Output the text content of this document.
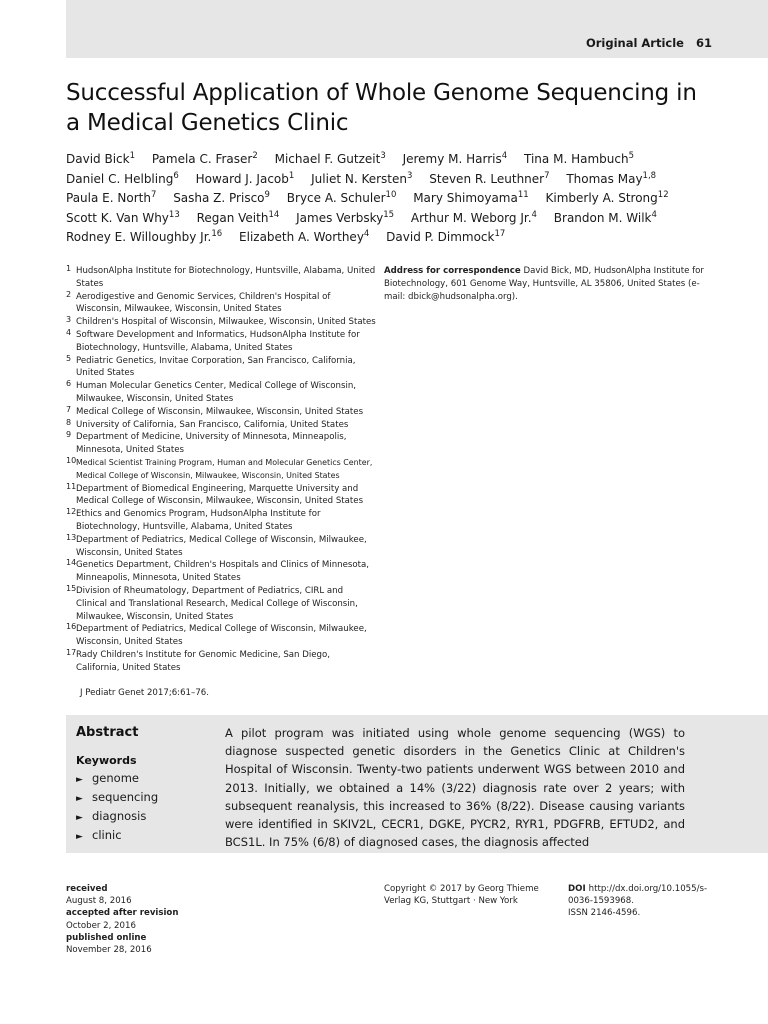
Original Article 61
Successful Application of Whole Genome Sequencing in a Medical Genetics Clinic
David Bick$^1$ Pamela C. Fraser$^2$ Michael F. Gutzeit$^3$ Jeremy M. Harris$^4$ Tina M. Hambuch$^5$
Daniel C. Helbling$^6$ Howard J. Jacob$^1$ Juliet N. Kersten$^3$ Steven R. Leuthner$^7$ Thomas May$^{1,8}$
Paula E. North$^7$ Sasha Z. Prisco$^9$ Bryce A. Schuler$^{10}$ Mary Shimoyama$^{11}$ Kimberly A. Strong$^{12}$
Scott K. Van Why$^{13}$ Regan Veith$^{14}$ James Verbsky$^{15}$ Arthur M. Weborg Jr.$^4$ Brandon M. Wilk$^4$
Rodney E. Willoughby Jr.$^{16}$ Elizabeth A. Worthey$^4$ David P. Dimmock$^{17}$
1 HudsonAlpha Institute for Biotechnology, Huntsville, Alabama, United States
2 Aerodigestive and Genomic Services, Children's Hospital of Wisconsin, Milwaukee, Wisconsin, United States
3 Children's Hospital of Wisconsin, Milwaukee, Wisconsin, United States
4 Software Development and Informatics, HudsonAlpha Institute for Biotechnology, Huntsville, Alabama, United States
5 Pediatric Genetics, Invitae Corporation, San Francisco, California, United States
6 Human Molecular Genetics Center, Medical College of Wisconsin, Milwaukee, Wisconsin, United States
7 Medical College of Wisconsin, Milwaukee, Wisconsin, United States
8 University of California, San Francisco, California, United States
9 Department of Medicine, University of Minnesota, Minneapolis, Minnesota, United States
10 Medical Scientist Training Program, Human and Molecular Genetics Center, Medical College of Wisconsin, Milwaukee, Wisconsin, United States
11 Department of Biomedical Engineering, Marquette University and Medical College of Wisconsin, Milwaukee, Wisconsin, United States
12 Ethics and Genomics Program, HudsonAlpha Institute for Biotechnology, Huntsville, Alabama, United States
13 Department of Pediatrics, Medical College of Wisconsin, Milwaukee, Wisconsin, United States
14 Genetics Department, Children's Hospitals and Clinics of Minnesota, Minneapolis, Minnesota, United States
15 Division of Rheumatology, Department of Pediatrics, CIRL and Clinical and Translational Research, Medical College of Wisconsin, Milwaukee, Wisconsin, United States
16 Department of Pediatrics, Medical College of Wisconsin, Milwaukee, Wisconsin, United States
17 Rady Children's Institute for Genomic Medicine, San Diego, California, United States
Address for correspondence David Bick, MD, HudsonAlpha Institute for Biotechnology, 601 Genome Way, Huntsville, AL 35806, United States (e-mail: dbick@hudsonalpha.org).
J Pediatr Genet 2017;6:61–76.
Abstract
Keywords
► genome
► sequencing
► diagnosis
► clinic

A pilot program was initiated using whole genome sequencing (WGS) to diagnose suspected genetic disorders in the Genetics Clinic at Children's Hospital of Wisconsin. Twenty-two patients underwent WGS between 2010 and 2013. Initially, we obtained a 14% (3/22) diagnosis rate over 2 years; with subsequent reanalysis, this increased to 36% (8/22). Disease causing variants were identified in SKIV2L, CECR1, DGKE, PYCR2, RYR1, PDGFRB, EFTUD2, and BCS1L. In 75% (6/8) of diagnosed cases, the diagnosis affected

received
August 8, 2016
accepted after revision
October 2, 2016
published online
November 28, 2016
Copyright © 2017 by Georg Thieme Verlag KG, Stuttgart · New York
DOI http://dx.doi.org/10.1055/s-0036-1593968.
ISSN 2146-4596.
